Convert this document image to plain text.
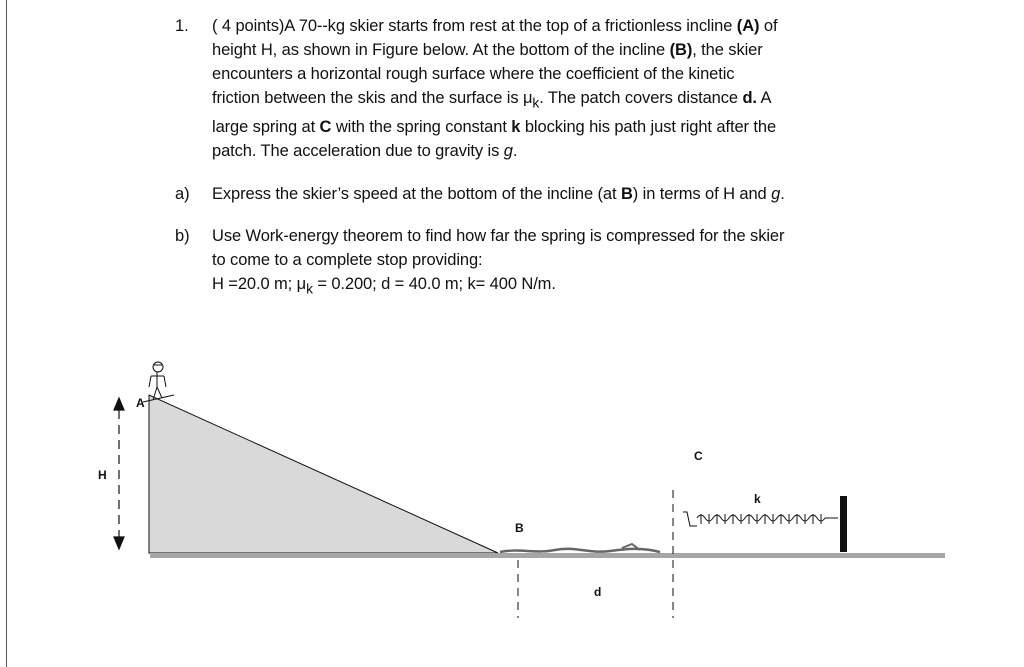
1.	( 4 points)A 70--kg skier starts from rest at the top of a frictionless incline (A) of
height H, as shown in Figure below. At the bottom of the incline (B), the skier
encounters a horizontal rough surface where the coefficient of the kinetic
friction between the skis and the surface is $\mu_k$. The patch covers distance d. A
large spring at C with the spring constant k blocking his path just right after the
patch. The acceleration due to gravity is g.
a)	Express the skier’s speed at the bottom of the incline (at B) in terms of H and g.
b)	Use Work-energy theorem to find how far the spring is compressed for the skier
to come to a complete stop providing:
H =20.0 m; $\mu_k = 0.200$; d = 40.0 m; k= 400 N/m.
H
A
B
d
C
k
